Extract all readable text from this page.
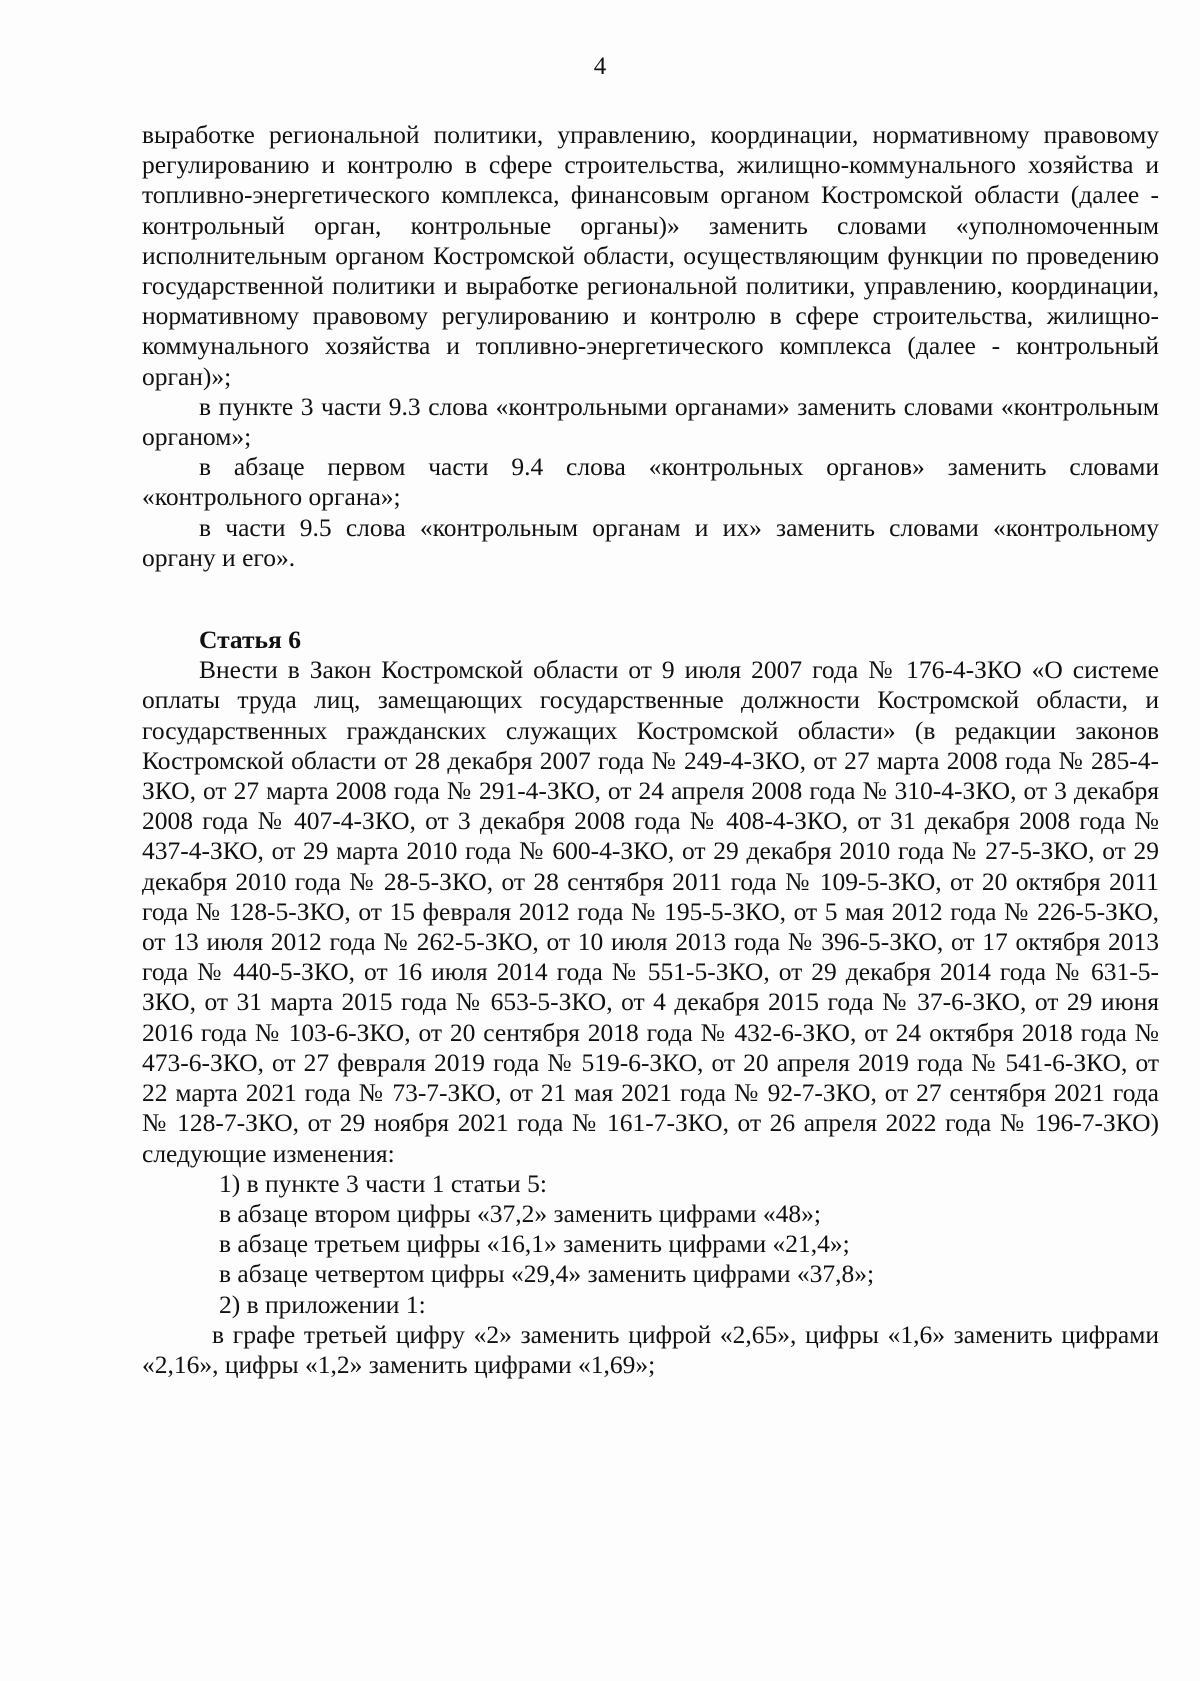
4

выработке региональной политики, управлению, координации, нормативному правовому регулированию и контролю в сфере строительства, жилищно-коммунального хозяйства и топливно-энергетического комплекса, финансовым органом Костромской области (далее - контрольный орган, контрольные органы)» заменить словами «уполномоченным исполнительным органом Костромской области, осуществляющим функции по проведению государственной политики и выработке региональной политики, управлению, координации, нормативному правовому регулированию и контролю в сфере строительства, жилищно-коммунального хозяйства и топливно-энергетического комплекса (далее - контрольный орган)»;

в пункте 3 части 9.3 слова «контрольными органами» заменить словами «контрольным органом»;

в абзаце первом части 9.4 слова «контрольных органов» заменить словами «контрольного органа»;

в части 9.5 слова «контрольным органам и их» заменить словами «контрольному органу и его».

Статья 6

Внести в Закон Костромской области от 9 июля 2007 года № 176-4-ЗКО «О системе оплаты труда лиц, замещающих государственные должности Костромской области, и государственных гражданских служащих Костромской области» (в редакции законов Костромской области от 28 декабря 2007 года № 249-4-ЗКО, от 27 марта 2008 года № 285-4-ЗКО, от 27 марта 2008 года № 291-4-ЗКО, от 24 апреля 2008 года № 310-4-ЗКО, от 3 декабря 2008 года № 407-4-ЗКО, от 3 декабря 2008 года № 408-4-ЗКО, от 31 декабря 2008 года № 437-4-ЗКО, от 29 марта 2010 года № 600-4-ЗКО, от 29 декабря 2010 года № 27-5-ЗКО, от 29 декабря 2010 года № 28-5-ЗКО, от 28 сентября 2011 года № 109-5-ЗКО, от 20 октября 2011 года № 128-5-ЗКО, от 15 февраля 2012 года № 195-5-ЗКО, от 5 мая 2012 года № 226-5-ЗКО, от 13 июля 2012 года № 262-5-ЗКО, от 10 июля 2013 года № 396-5-ЗКО, от 17 октября 2013 года № 440-5-ЗКО, от 16 июля 2014 года № 551-5-ЗКО, от 29 декабря 2014 года № 631-5-ЗКО, от 31 марта 2015 года № 653-5-ЗКО, от 4 декабря 2015 года № 37-6-ЗКО, от 29 июня 2016 года № 103-6-ЗКО, от 20 сентября 2018 года № 432-6-ЗКО, от 24 октября 2018 года № 473-6-ЗКО, от 27 февраля 2019 года № 519-6-ЗКО, от 20 апреля 2019 года № 541-6-ЗКО, от 22 марта 2021 года № 73-7-ЗКО, от 21 мая 2021 года № 92-7-ЗКО, от 27 сентября 2021 года № 128-7-ЗКО, от 29 ноября 2021 года № 161-7-ЗКО, от 26 апреля 2022 года № 196-7-ЗКО) следующие изменения:

1) в пункте 3 части 1 статьи 5:

в абзаце втором цифры «37,2» заменить цифрами «48»;

в абзаце третьем цифры «16,1» заменить цифрами «21,4»;

в абзаце четвертом цифры «29,4» заменить цифрами «37,8»;

2) в приложении 1:

в графе третьей цифру «2» заменить цифрой «2,65», цифры «1,6» заменить цифрами «2,16», цифры «1,2» заменить цифрами «1,69»;
